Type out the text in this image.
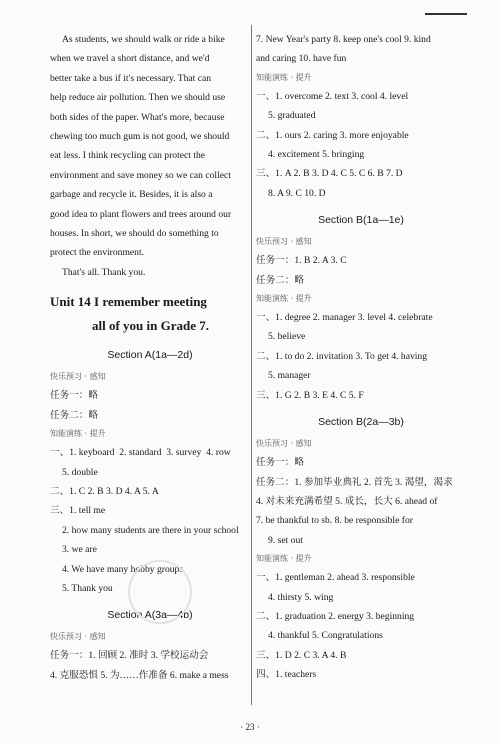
As students, we should walk or ride a bike
when we travel a short distance, and we'd
better take a bus if it's necessary. That can
help reduce air pollution. Then we should use
both sides of the paper. What's more, because
chewing too much gum is not good, we should
eat less. I think recycling can protect the
environment and save money so we can collect
garbage and recycle it. Besides, it is also a
good idea to plant flowers and trees around our
houses. In short, we should do something to
protect the environment.
That's all. Thank you.
Unit 14 I remember meeting
all of you in Grade 7.
Section A(1a—2d)
快乐预习 · 感知
任务一：略
任务二：略
知能演练 · 提升
一、1. keyboard 2. standard 3. survey 4. row
5. double
二、1. C 2. B 3. D 4. A 5. A
三、1. tell me
2. how many students are there in your school
3. we are
4. We have many hobby groups
5. Thank you
Section A(3a—4b)
快乐预习 · 感知
任务一：1. 回顾 2. 准时 3. 学校运动会
4. 克服恐惧 5. 为……作准备 6. make a mess
7. New Year's party 8. keep one's cool 9. kind
and caring 10. have fun
知能演练 · 提升
一、1. overcome 2. text 3. cool 4. level
5. graduated
二、1. ours 2. caring 3. more enjoyable
4. excitement 5. bringing
三、1. A 2. B 3. D 4. C 5. C 6. B 7. D
8. A 9. C 10. D
Section B(1a—1e)
快乐预习 · 感知
任务一：1. B 2. A 3. C
任务二：略
知能演练 · 提升
一、1. degree 2. manager 3. level 4. celebrate
5. believe
二、1. to do 2. invitation 3. To get 4. having
5. manager
三、1. G 2. B 3. E 4. C 5. F
Section B(2a—3b)
快乐预习 · 感知
任务一：略
任务二：1. 参加毕业典礼 2. 首先 3. 渴望，渴求
4. 对未来充满希望 5. 成长，长大 6. ahead of
7. be thankful to sb. 8. be responsible for
9. set out
知能演练 · 提升
一、1. gentleman 2. ahead 3. responsible
4. thirsty 5. wing
二、1. graduation 2. energy 3. beginning
4. thankful 5. Congratulations
三、1. D 2. C 3. A 4. B
四、1. teachers
· 23 ·
